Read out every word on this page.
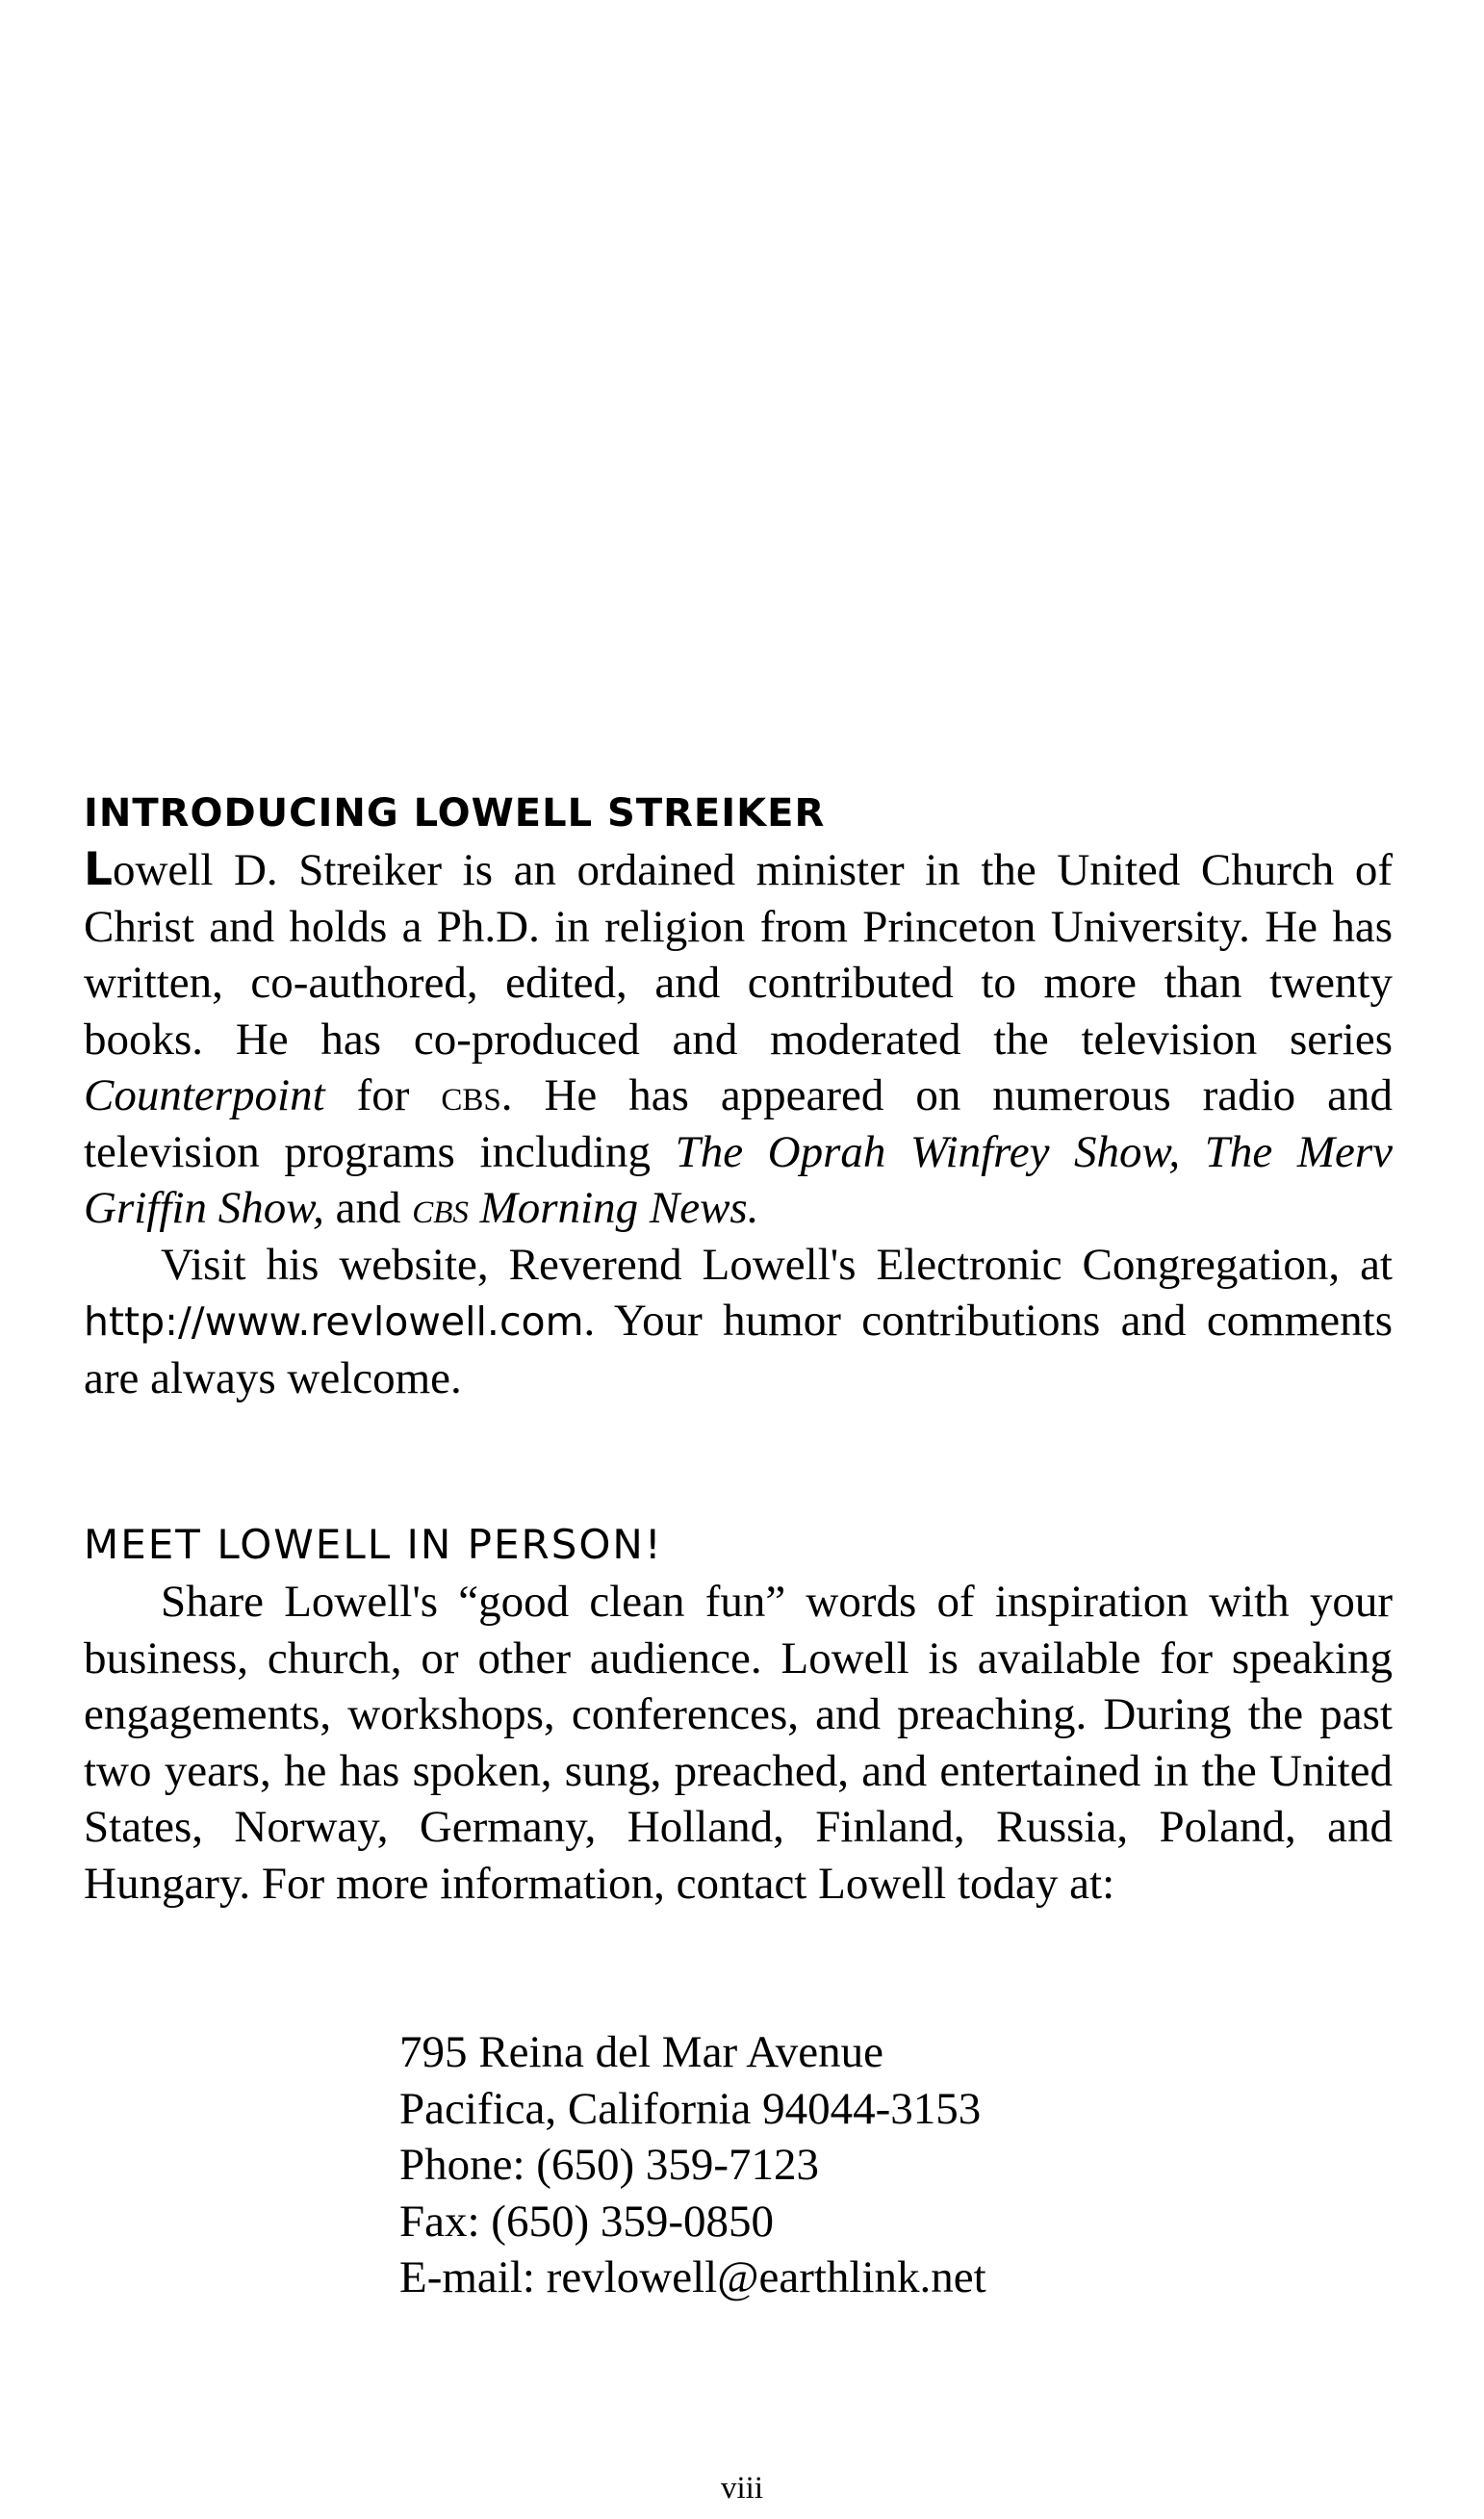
INTRODUCING LOWELL STREIKER

Lowell D. Streiker is an ordained minister in the United Church of Christ and holds a Ph.D. in religion from Princeton University. He has written, co-authored, edited, and contributed to more than twenty books. He has co-produced and moderated the television series Counterpoint for cbs. He has appeared on numerous radio and television programs including The Oprah Winfrey Show, The Merv Griffin Show, and cbs Morning News.

Visit his website, Reverend Lowell's Electronic Congregation, at http://www.revlowell.com. Your humor contributions and comments are always welcome.

MEET LOWELL IN PERSON!

Share Lowell's “good clean fun” words of inspiration with your business, church, or other audience. Lowell is available for speaking engagements, workshops, conferences, and preaching. During the past two years, he has spoken, sung, preached, and entertained in the United States, Norway, Germany, Holland, Finland, Russia, Poland, and Hungary. For more information, contact Lowell today at:

795 Reina del Mar Avenue
Pacifica, California 94044-3153
Phone: (650) 359-7123
Fax: (650) 359-0850
E-mail: revlowell@earthlink.net
viii
